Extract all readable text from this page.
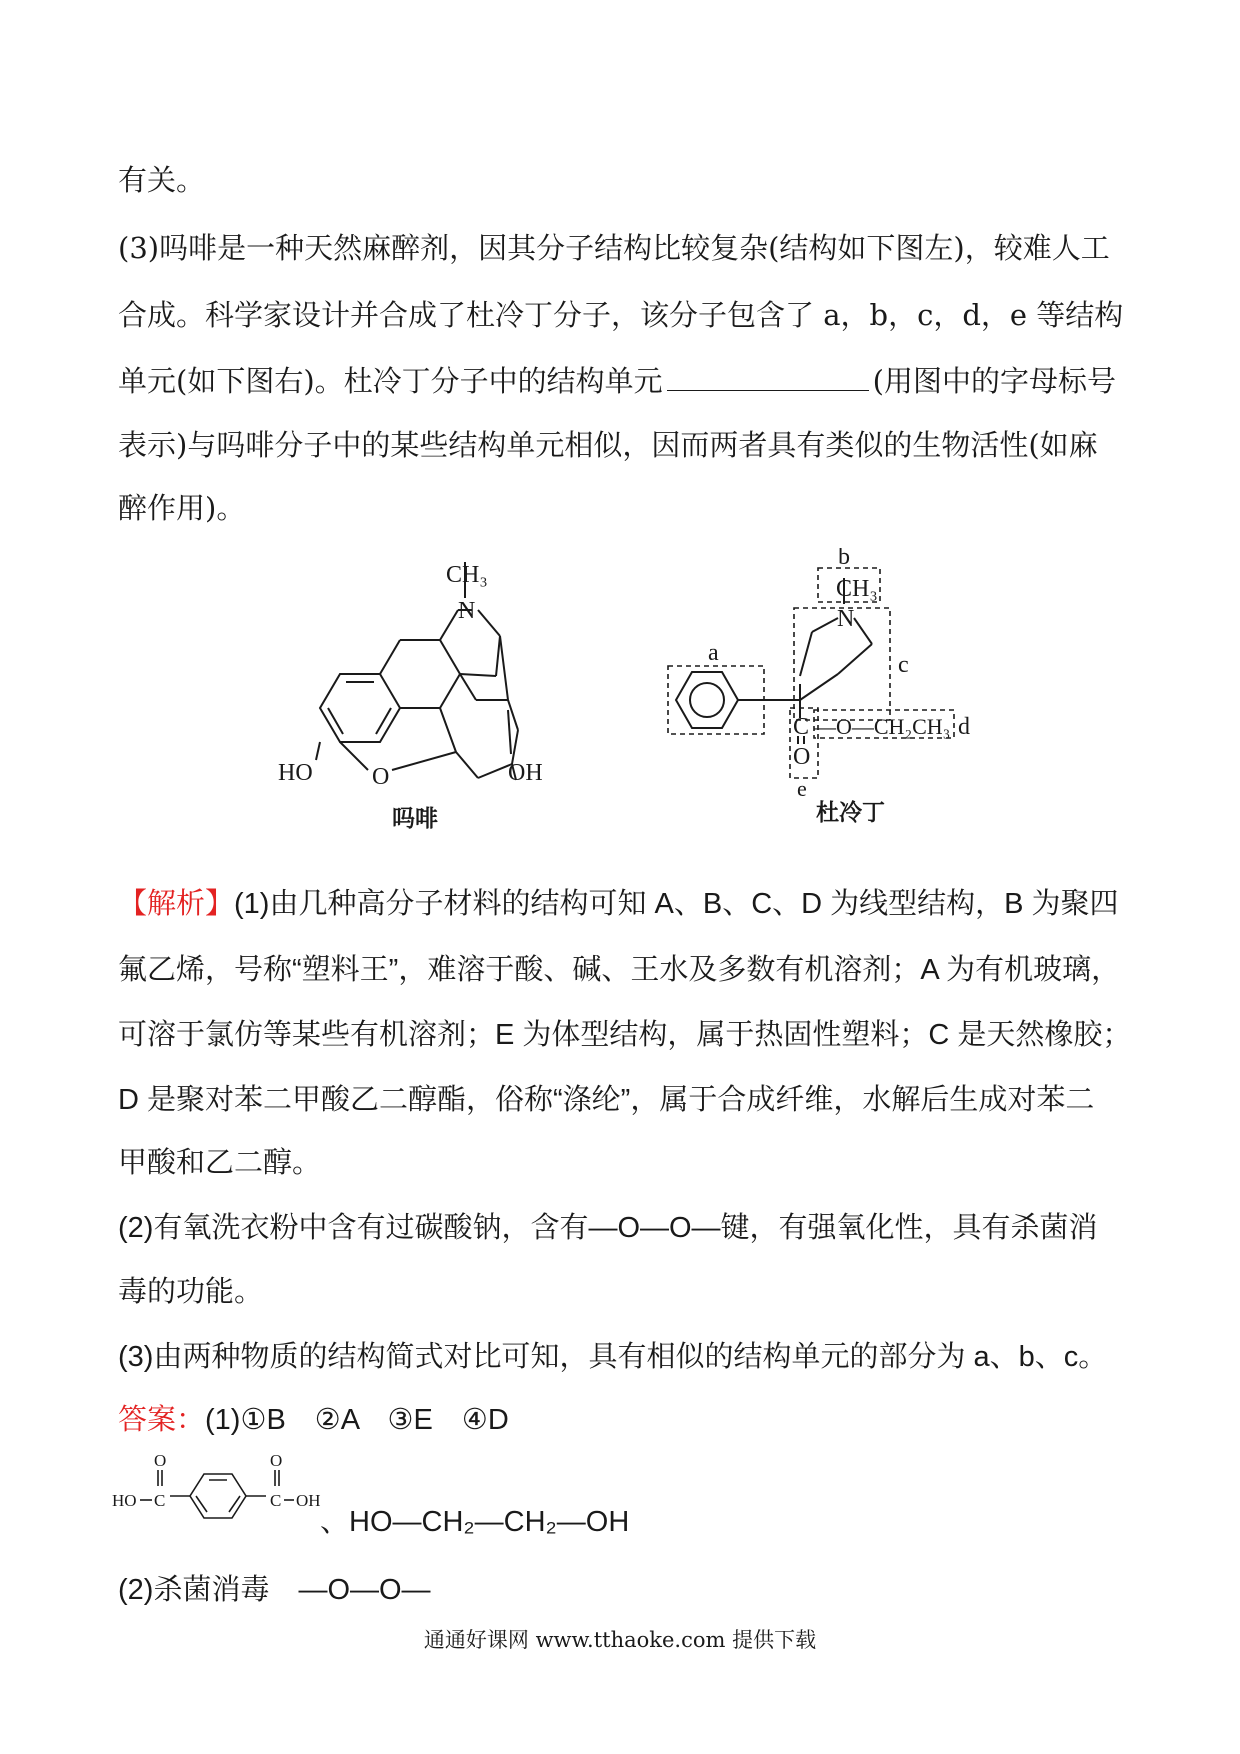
有关。
(3)吗啡是一种天然麻醉剂，因其分子结构比较复杂(结构如下图左)，较难人工
合成。科学家设计并合成了杜冷丁分子，该分子包含了 a，b，c，d，e 等结构
单元(如下图右)。杜冷丁分子中的结构单元	(用图中的字母标号
表示)与吗啡分子中的某些结构单元相似，因而两者具有类似的生物活性(如麻
醉作用)。
CH₃
N
O
HO	OH
吗啡
CH₃
N
C —O—CH₂CH₃
O
a
b
c
d
e
杜冷丁
【解析】(1)由几种高分子材料的结构可知 A、B、C、D 为线型结构，B 为聚四
氟乙烯，号称“塑料王”，难溶于酸、碱、王水及多数有机溶剂；A 为有机玻璃，
可溶于氯仿等某些有机溶剂；E 为体型结构，属于热固性塑料；C 是天然橡胶；
D 是聚对苯二甲酸乙二醇酯，俗称“涤纶”，属于合成纤维，水解后生成对苯二
甲酸和乙二醇。
(2)有氧洗衣粉中含有过碳酸钠，含有—O—O—键，有强氧化性，具有杀菌消
毒的功能。
(3)由两种物质的结构简式对比可知，具有相似的结构单元的部分为 a、b、c。
答案：(1)①B　②A　③E　④D
HO C
O
C
O
OH
、HO—CH₂—CH₂—OH
(2)杀菌消毒　—O—O—
通通好课网 www.tthaoke.com 提供下载
